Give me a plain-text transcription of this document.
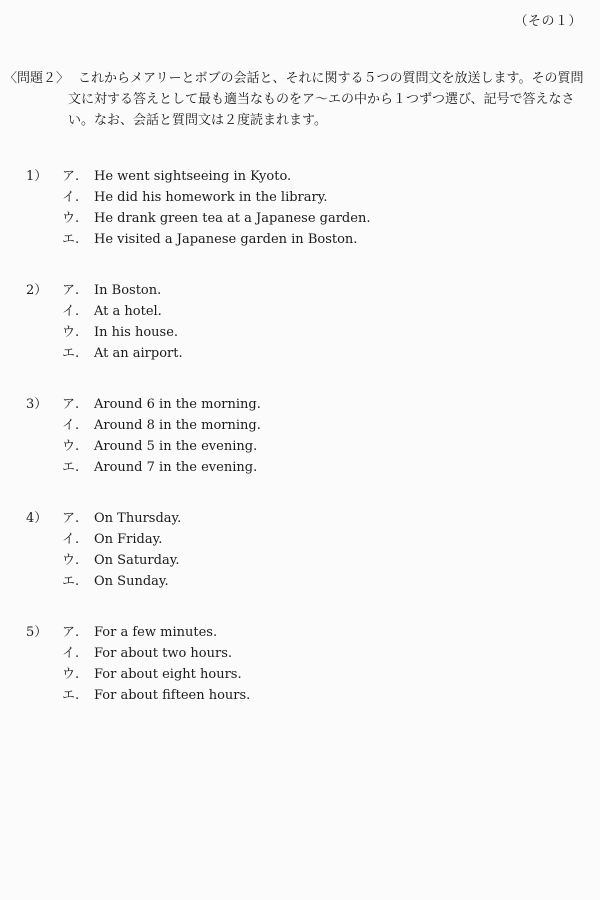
（その１）
〈問題２〉 これからメアリーとボブの会話と、それに関する５つの質問文を放送します。その質問文に対する答えとして最も適当なものをア〜エの中から１つずつ選び、記号で答えなさい。なお、会話と質問文は２度読まれます。
1） ア. He went sightseeing in Kyoto.
イ. He did his homework in the library.
ウ. He drank green tea at a Japanese garden.
エ. He visited a Japanese garden in Boston.
2） ア. In Boston.
イ. At a hotel.
ウ. In his house.
エ. At an airport.
3） ア. Around 6 in the morning.
イ. Around 8 in the morning.
ウ. Around 5 in the evening.
エ. Around 7 in the evening.
4） ア. On Thursday.
イ. On Friday.
ウ. On Saturday.
エ. On Sunday.
5） ア. For a few minutes.
イ. For about two hours.
ウ. For about eight hours.
エ. For about fifteen hours.
